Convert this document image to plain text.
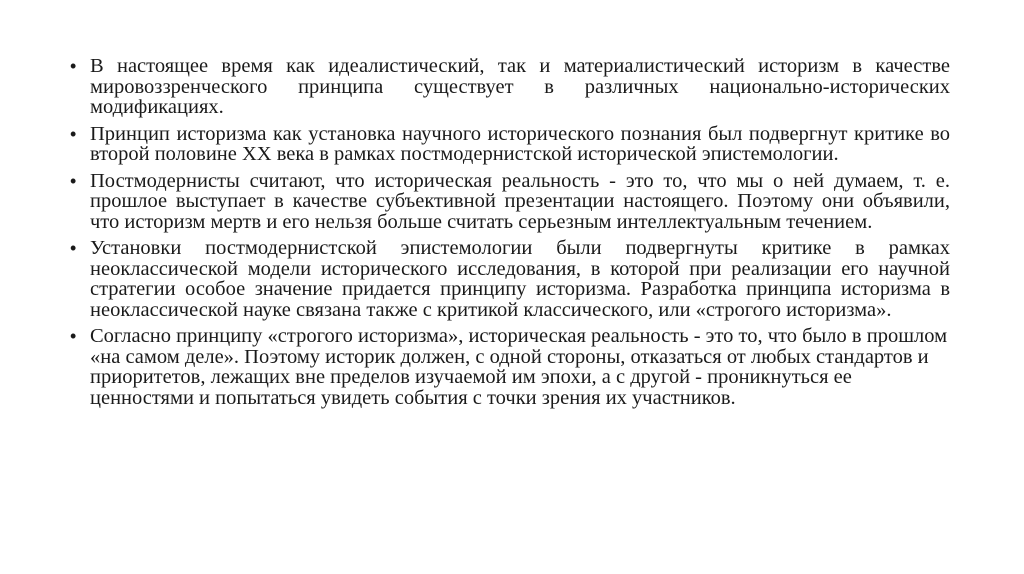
• В настоящее время как идеалистический, так и материалистический историзм в качестве мировоззренческого принципа существует в различных национально-исторических модификациях.
• Принцип историзма как установка научного исторического познания был подвергнут критике во второй половине XX века в рамках постмодернистской исторической эпистемологии.
• Постмодернисты считают, что историческая реальность - это то, что мы о ней думаем, т. е. прошлое выступает в качестве субъективной презентации настоящего. Поэтому они объявили, что историзм мертв и его нельзя больше считать серьезным интеллектуальным течением.
• Установки постмодернистской эпистемологии были подвергнуты критике в рамках неоклассической модели исторического исследования, в которой при реализации его научной стратегии особое значение придается принципу историзма. Разработка принципа историзма в неоклассической науке связана также с критикой классического, или «строгого историзма».
• Согласно принципу «строгого историзма», историческая реальность - это то, что было в прошлом «на самом деле». Поэтому историк должен, с одной стороны, отказаться от любых стандартов и приоритетов, лежащих вне пределов изучаемой им эпохи, а с другой - проникнуться ее ценностями и попытаться увидеть события с точки зрения их участников.
